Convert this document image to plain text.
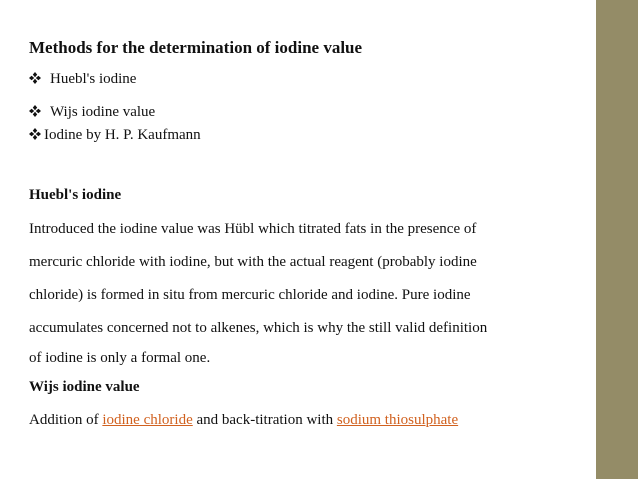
Methods for the determination of iodine value
Huebl's iodine
Wijs iodine value
Iodine by H. P. Kaufmann
Huebl's iodine
Introduced the iodine value was Hübl which titrated fats in the presence of
mercuric chloride with iodine, but with the actual reagent (probably iodine
chloride) is formed in situ from mercuric chloride and iodine. Pure iodine
accumulates concerned not to alkenes, which is why the still valid definition
of iodine is only a formal one.
Wijs iodine value
Addition of iodine chloride and back-titration with sodium thiosulphate
